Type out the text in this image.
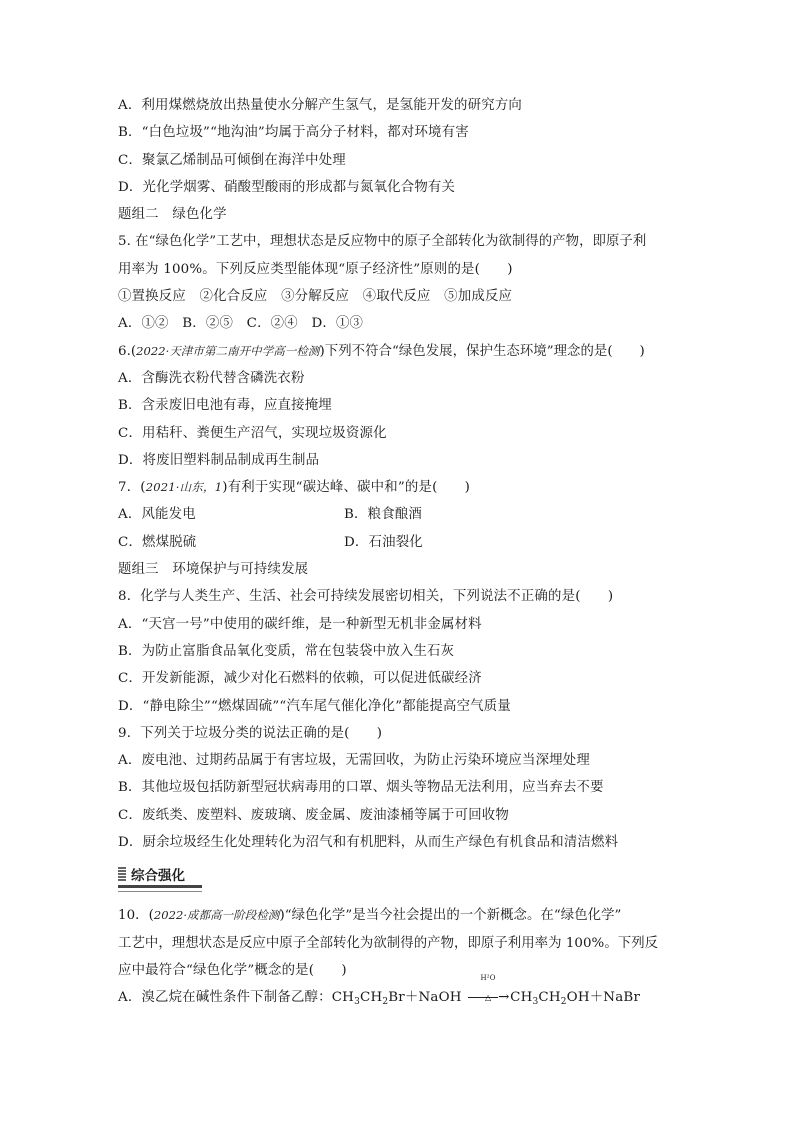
A．利用煤燃烧放出热量使水分解产生氢气，是氢能开发的研究方向
B．“白色垃圾”“地沟油”均属于高分子材料，都对环境有害
C．聚氯乙烯制品可倾倒在海洋中处理
D．光化学烟雾、硝酸型酸雨的形成都与氮氧化合物有关
题组二　绿色化学
5. 在“绿色化学”工艺中，理想状态是反应物中的原子全部转化为欲制得的产物，即原子利
用率为 100%。下列反应类型能体现“原子经济性”原则的是(　　)
①置换反应　②化合反应　③分解反应　④取代反应　⑤加成反应
A．①②　B．②⑤　C．②④　D．①③
6.(2022·天津市第二南开中学高一检测)下列不符合“绿色发展，保护生态环境”理念的是(　　)
A．含酶洗衣粉代替含磷洗衣粉
B．含汞废旧电池有毒，应直接掩埋
C．用秸秆、粪便生产沼气，实现垃圾资源化
D．将废旧塑料制品制成再生制品
7．(2021·山东，1)有利于实现“碳达峰、碳中和”的是(　　)
A．风能发电	B．粮食酿酒
C．燃煤脱硫	D．石油裂化
题组三　环境保护与可持续发展
8．化学与人类生产、生活、社会可持续发展密切相关，下列说法不正确的是(　　)
A．“天宫一号”中使用的碳纤维，是一种新型无机非金属材料
B．为防止富脂食品氧化变质，常在包装袋中放入生石灰
C．开发新能源，减少对化石燃料的依赖，可以促进低碳经济
D．“静电除尘”“燃煤固硫”“汽车尾气催化净化”都能提高空气质量
9．下列关于垃圾分类的说法正确的是(　　)
A．废电池、过期药品属于有害垃圾，无需回收，为防止污染环境应当深埋处理
B．其他垃圾包括防新型冠状病毒用的口罩、烟头等物品无法利用，应当弃去不要
C．废纸类、废塑料、废玻璃、废金属、废油漆桶等属于可回收物
D．厨余垃圾经生化处理转化为沼气和有机肥料，从而生产绿色有机食品和清洁燃料
综合强化
10．(2022·成都高一阶段检测)“绿色化学”是当今社会提出的一个新概念。在“绿色化学”
工艺中，理想状态是反应中原子全部转化为欲制得的产物，即原子利用率为 100%。下列反
应中最符合“绿色化学”概念的是(　　)
A．溴乙烷在碱性条件下制备乙醇：$CH_3CH_2Br+NaOH$
H²O
→
△	$CH_3CH_2OH+NaBr$
